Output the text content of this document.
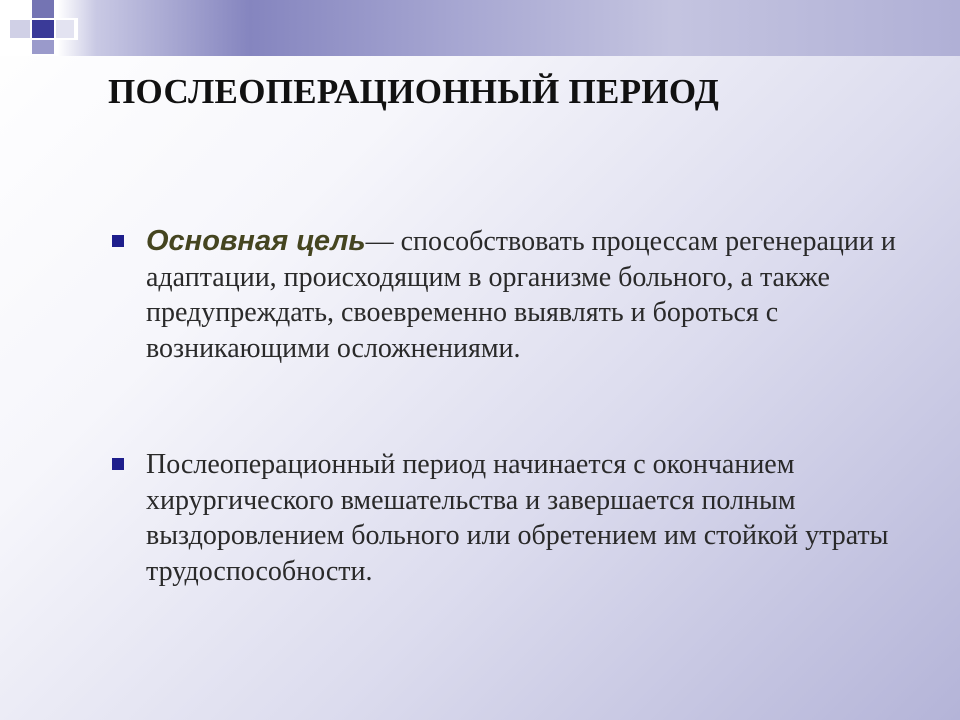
ПОСЛЕОПЕРАЦИОННЫЙ ПЕРИОД
Основная цель— способствовать процессам регенерации и адаптации, происходящим в организме больного, а также предупреждать, своевременно выявлять и бороться с возникающими осложнениями.
Послеоперационный период начинается с окончанием хирургического вмешательства и завершается полным выздоровлением больного или обретением им стойкой утраты трудоспособности.
